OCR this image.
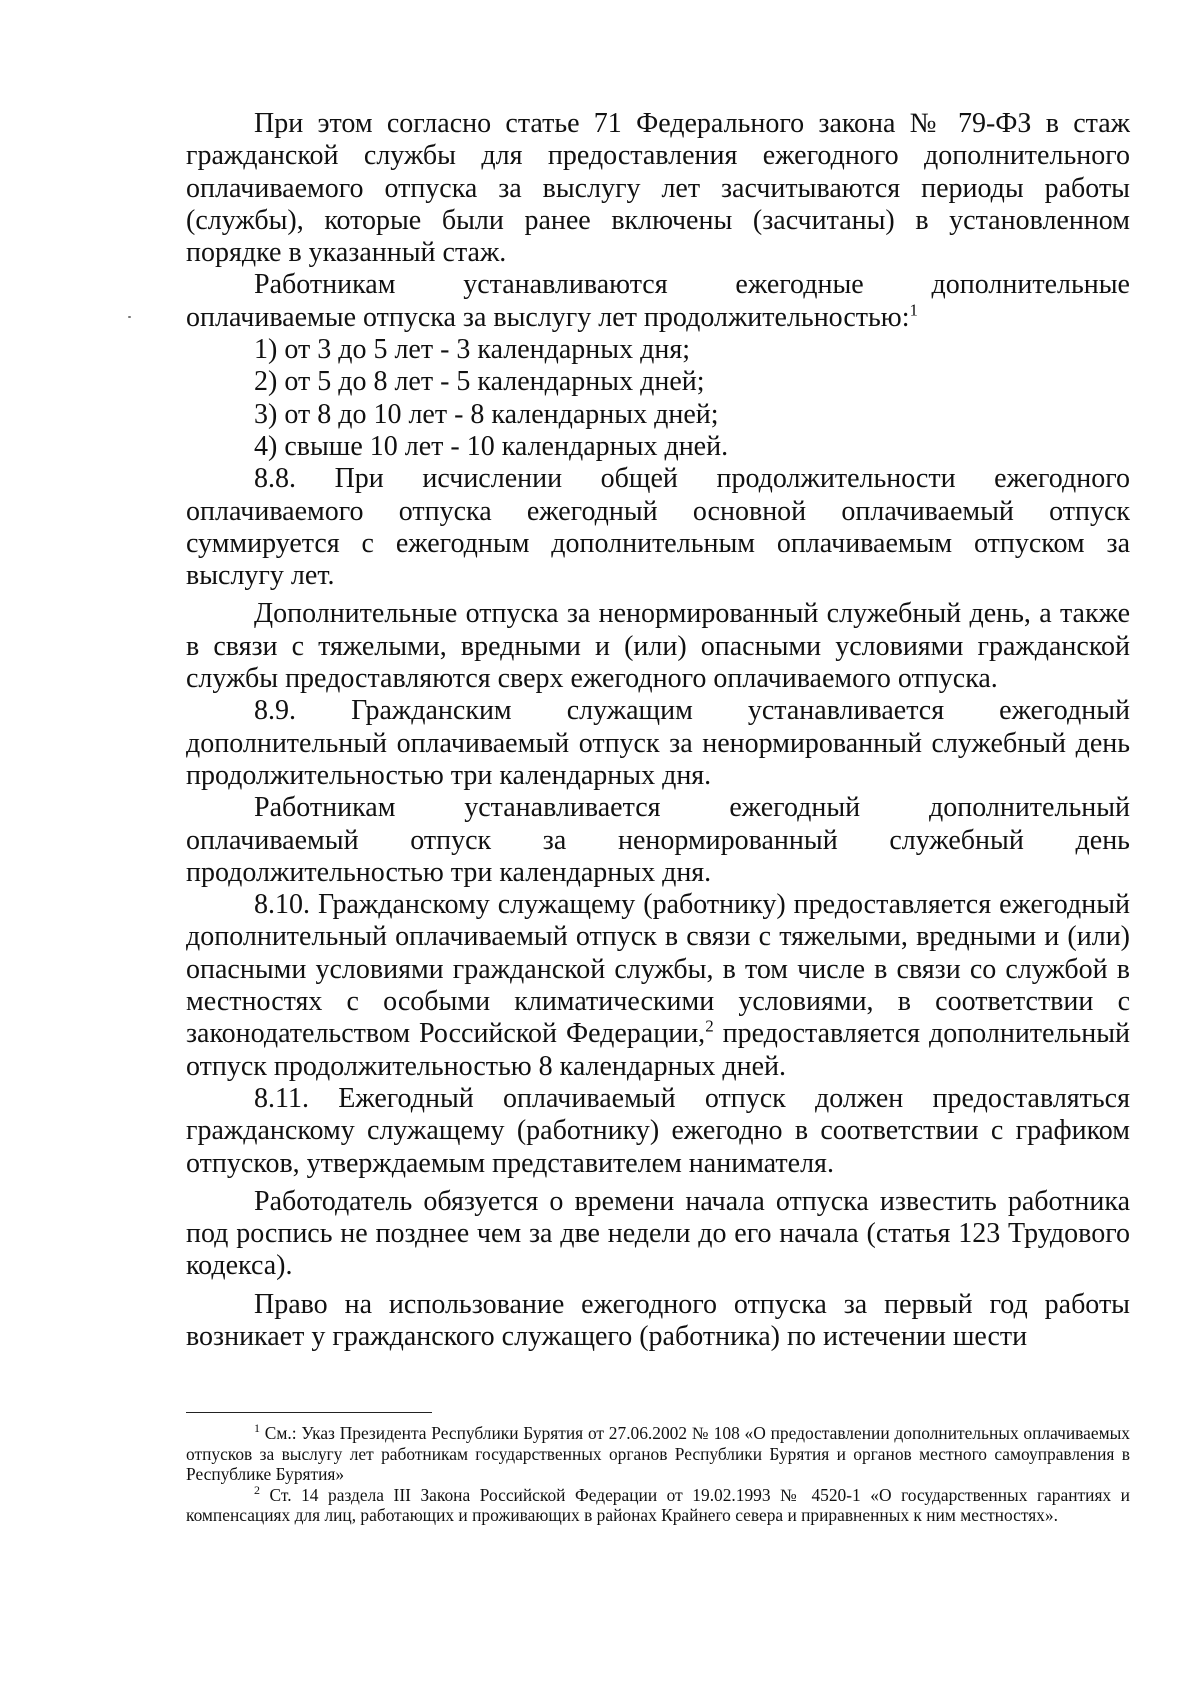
При этом согласно статье 71 Федерального закона № 79-ФЗ в стаж гражданской службы для предоставления ежегодного дополнительного оплачиваемого отпуска за выслугу лет засчитываются периоды работы (службы), которые были ранее включены (засчитаны) в установленном порядке в указанный стаж.

Работникам устанавливаются ежегодные дополнительные

оплачиваемые отпуска за выслугу лет продолжительностью:$^1$

1) от 3 до 5 лет - 3 календарных дня;

2) от 5 до 8 лет - 5 календарных дней;

3) от 8 до 10 лет - 8 календарных дней;

4) свыше 10 лет - 10 календарных дней.

8.8. При исчислении общей продолжительности ежегодного оплачиваемого отпуска ежегодный основной оплачиваемый отпуск суммируется с ежегодным дополнительным оплачиваемым отпуском за выслугу лет.

Дополнительные отпуска за ненормированный служебный день, а также в связи с тяжелыми, вредными и (или) опасными условиями гражданской службы предоставляются сверх ежегодного оплачиваемого отпуска.

8.9. Гражданским служащим устанавливается ежегодный дополнительный оплачиваемый отпуск за ненормированный служебный день продолжительностью три календарных дня.

Работникам устанавливается ежегодный дополнительный
оплачиваемый отпуск за ненормированный служебный день

продолжительностью три календарных дня.

8.10. Гражданскому служащему (работнику) предоставляется ежегодный дополнительный оплачиваемый отпуск в связи с тяжелыми, вредными и (или) опасными условиями гражданской службы, в том числе в связи со службой в местностях с особыми климатическими условиями, в соответствии с законодательством Российской Федерации,$^2$ предоставляется дополнительный отпуск продолжительностью 8 календарных дней.

8.11. Ежегодный оплачиваемый отпуск должен предоставляться гражданскому служащему (работнику) ежегодно в соответствии с графиком отпусков, утверждаемым представителем нанимателя.

Работодатель обязуется о времени начала отпуска известить работника под роспись не позднее чем за две недели до его начала (статья 123 Трудового кодекса).

Право на использование ежегодного отпуска за первый год работы возникает у гражданского служащего (работника) по истечении шести

$^1$ См.: Указ Президента Республики Бурятия от 27.06.2002 № 108 «О предоставлении дополнительных оплачиваемых отпусков за выслугу лет работникам государственных органов Республики Бурятия и органов местного самоуправления в Республике Бурятия»

$^2$ Ст. 14 раздела III Закона Российской Федерации от 19.02.1993 № 4520-1 «О государственных гарантиях и компенсациях для лиц, работающих и проживающих в районах Крайнего севера и приравненных к ним местностях».
